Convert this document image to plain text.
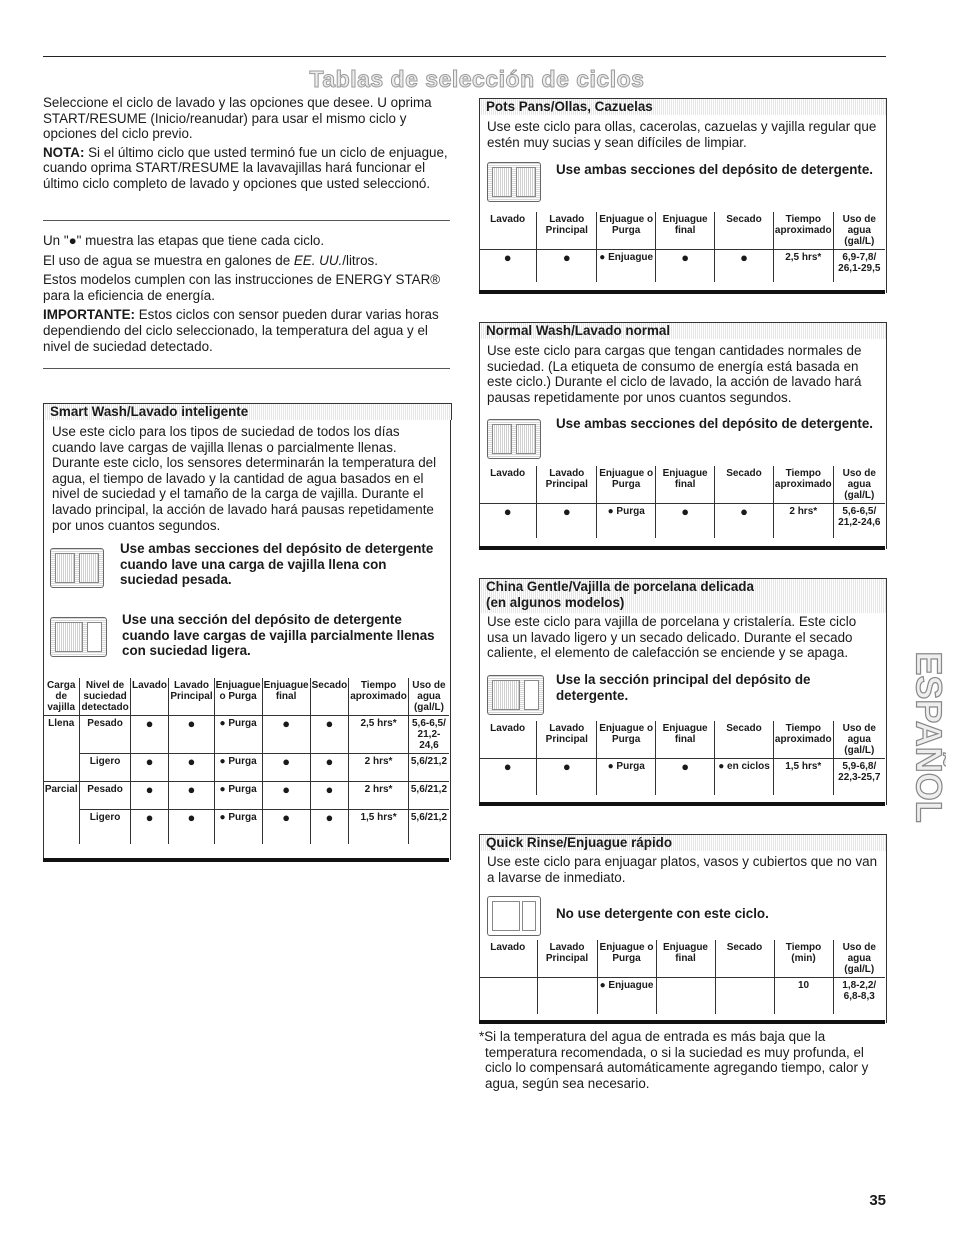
Tablas de selección de ciclos
Seleccione el ciclo de lavado y las opciones que desee. U oprima START/RESUME (Inicio/reanudar) para usar el mismo ciclo y opciones del ciclo previo.
NOTA: Si el último ciclo que usted terminó fue un ciclo de enjuague, cuando oprima START/RESUME la lavavajillas hará funcionar el último ciclo completo de lavado y opciones que usted seleccionó.
Un "●" muestra las etapas que tiene cada ciclo.
El uso de agua se muestra en galones de EE. UU./litros.
Estos modelos cumplen con las instrucciones de ENERGY STAR® para la eficiencia de energía.
IMPORTANTE: Estos ciclos con sensor pueden durar varias horas dependiendo del ciclo seleccionado, la temperatura del agua y el nivel de suciedad detectado.
Smart Wash/Lavado inteligente
Use este ciclo para los tipos de suciedad de todos los días cuando lave cargas de vajilla llenas o parcialmente llenas. Durante este ciclo, los sensores determinarán la temperatura del agua, el tiempo de lavado y la cantidad de agua basados en el nivel de suciedad y el tamaño de la carga de vajilla. Durante el lavado principal, la acción de lavado hará pausas repetidamente por unos cuantos segundos.
Use ambas secciones del depósito de detergente cuando lave una carga de vajilla llena con suciedad pesada.
Use una sección del depósito de detergente cuando lave cargas de vajilla parcialmente llenas con suciedad ligera.
Carga de vajilla	Nivel de suciedad detectado	Lavado	Lavado Principal	Enjuague o Purga	Enjuague final	Secado	Tiempo aproximado	Uso de agua (gal/L)
Llena	Pesado	●	●	● Purga	●	●	2,5 hrs*	5,6-6,5/ 21,2-24,6
	Ligero	●	●	● Purga	●	●	2 hrs*	5,6/21,2
Parcial	Pesado	●	●	● Purga	●	●	2 hrs*	5,6/21,2
	Ligero	●	●	● Purga	●	●	1,5 hrs*	5,6/21,2
Pots Pans/Ollas, Cazuelas
Use este ciclo para ollas, cacerolas, cazuelas y vajilla regular que estén muy sucias y sean difíciles de limpiar.
Use ambas secciones del depósito de detergente.
Lavado	Lavado Principal	Enjuague o Purga	Enjuague final	Secado	Tiempo aproximado	Uso de agua (gal/L)
●	●	● Enjuague	●	●	2,5 hrs*	6,9-7,8/ 26,1-29,5
Normal Wash/Lavado normal
Use este ciclo para cargas que tengan cantidades normales de suciedad. (La etiqueta de consumo de energía está basada en este ciclo.) Durante el ciclo de lavado, la acción de lavado hará pausas repetidamente por unos cuantos segundos.
Use ambas secciones del depósito de detergente.
Lavado	Lavado Principal	Enjuague o Purga	Enjuague final	Secado	Tiempo aproximado	Uso de agua (gal/L)
●	●	● Purga	●	●	2 hrs*	5,6-6,5/ 21,2-24,6
China Gentle/Vajilla de porcelana delicada
(en algunos modelos)
Use este ciclo para vajilla de porcelana y cristalería. Este ciclo usa un lavado ligero y un secado delicado. Durante el secado caliente, el elemento de calefacción se enciende y se apaga.
Use la sección principal del depósito de detergente.
Lavado	Lavado Principal	Enjuague o Purga	Enjuague final	Secado	Tiempo aproximado	Uso de agua (gal/L)
●	●	● Purga	●	● en ciclos	1,5 hrs*	5,9-6,8/ 22,3-25,7
Quick Rinse/Enjuague rápido
Use este ciclo para enjuagar platos, vasos y cubiertos que no van a lavarse de inmediato.
No use detergente con este ciclo.
Lavado	Lavado Principal	Enjuague o Purga	Enjuague final	Secado	Tiempo (min)	Uso de agua (gal/L)
		● Enjuague			10	1,8-2,2/ 6,8-8,3
*Si la temperatura del agua de entrada es más baja que la temperatura recomendada, o si la suciedad es muy profunda, el ciclo lo compensará automáticamente agregando tiempo, calor y agua, según sea necesario.
ESPAÑOL
35
